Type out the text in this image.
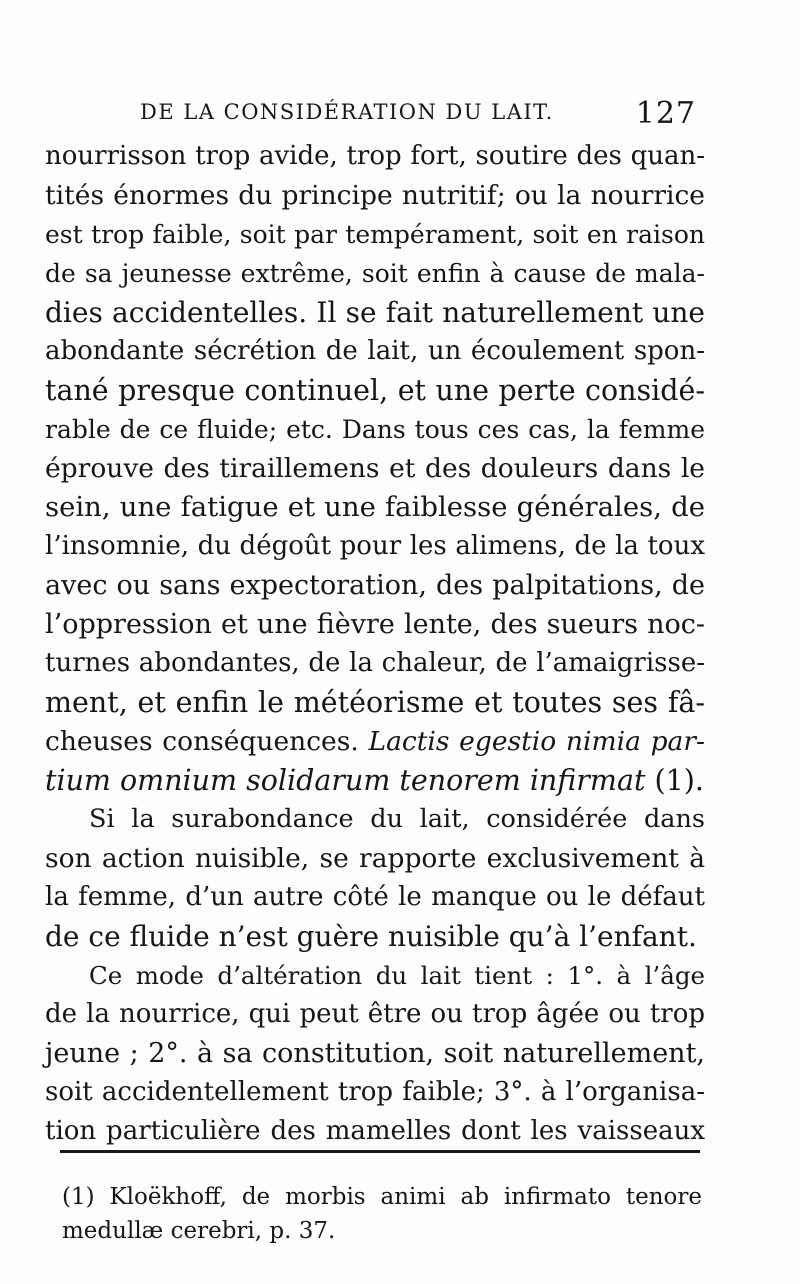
DE LA CONSIDÉRATION DU LAIT.	127
nourrisson trop avide, trop fort, soutire des quan-
tités énormes du principe nutritif; ou la nourrice
est trop faible, soit par tempérament, soit en raison
de sa jeunesse extrême, soit enfin à cause de mala-
dies accidentelles. Il se fait naturellement une
abondante sécrétion de lait, un écoulement spon-
tané presque continuel, et une perte considé-
rable de ce fluide; etc. Dans tous ces cas, la femme
éprouve des tiraillemens et des douleurs dans le
sein, une fatigue et une faiblesse générales, de
l’insomnie, du dégoût pour les alimens, de la toux
avec ou sans expectoration, des palpitations, de
l’oppression et une fièvre lente, des sueurs noc-
turnes abondantes, de la chaleur, de l’amaigrisse-
ment, et enfin le météorisme et toutes ses fâ-
cheuses conséquences. Lactis egestio nimia par-
tium omnium solidarum tenorem infirmat (1).
Si la surabondance du lait, considérée dans
son action nuisible, se rapporte exclusivement à
la femme, d’un autre côté le manque ou le défaut
de ce fluide n’est guère nuisible qu’à l’enfant.
Ce mode d’altération du lait tient : 1°. à l’âge
de la nourrice, qui peut être ou trop âgée ou trop
jeune ; 2°. à sa constitution, soit naturellement,
soit accidentellement trop faible; 3°. à l’organisa-
tion particulière des mamelles dont les vaisseaux
(1) Kloëkhoff, de morbis animi ab infirmato tenore
medullæ cerebri, p. 37.
